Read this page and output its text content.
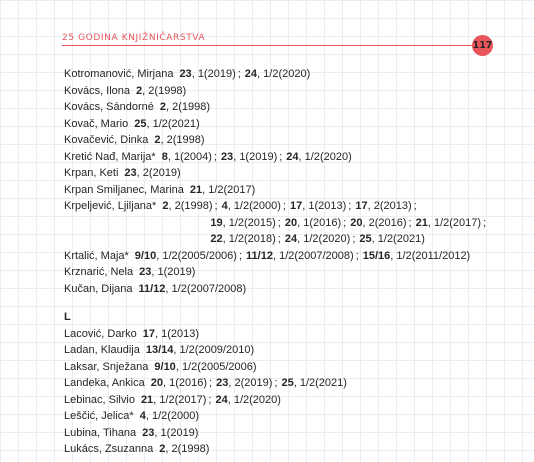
25 GODINA KNJIŽNIČARSTVA
117
Kotromanović, Mirjana 23, 1(2019) ; 24, 1/2(2020)
Kovács, Ilona 2, 2(1998)
Kovács, Sándorné 2, 2(1998)
Kovač, Mario 25, 1/2(2021)
Kovačević, Dinka 2, 2(1998)
Kretić Nađ, Marija* 8, 1(2004) ; 23, 1(2019) ; 24, 1/2(2020)
Krpan, Keti 23, 2(2019)
Krpan Smiljanec, Marina 21, 1/2(2017)
Krpeljević, Ljiljana* 2, 2(1998) ; 4, 1/2(2000) ; 17, 1(2013) ; 17, 2(2013) ;
19, 1/2(2015) ; 20, 1(2016) ; 20, 2(2016) ; 21, 1/2(2017) ;
22, 1/2(2018) ; 24, 1/2(2020) ; 25, 1/2(2021)
Krtalić, Maja* 9/10, 1/2(2005/2006) ; 11/12, 1/2(2007/2008) ; 15/16, 1/2(2011/2012)
Krznarić, Nela 23, 1(2019)
Kučan, Dijana 11/12, 1/2(2007/2008)
L
Lacović, Darko 17, 1(2013)
Ladan, Klaudija 13/14, 1/2(2009/2010)
Laksar, Snježana 9/10, 1/2(2005/2006)
Landeka, Ankica 20, 1(2016) ; 23, 2(2019) ; 25, 1/2(2021)
Lebinac, Silvio 21, 1/2(2017) ; 24, 1/2(2020)
Leščić, Jelica* 4, 1/2(2000)
Lubina, Tihana 23, 1(2019)
Lukács, Zsuzanna 2, 2(1998)
